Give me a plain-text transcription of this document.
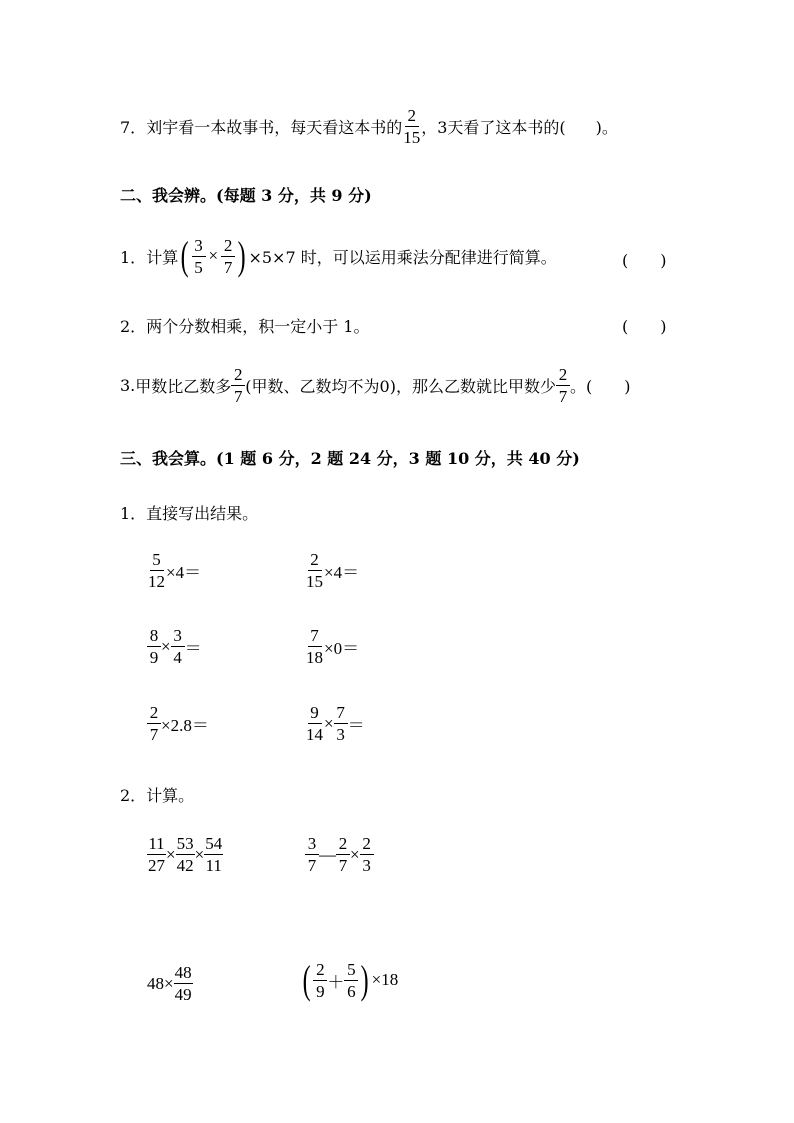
7． 刘宇看一本故事书，每天看这本书的 $\frac{2}{15}$ ，3天看了这本书的( )。
二、我会辨。(每题 3 分，共 9 分)
1． 计算 ( $\frac{3}{5} \times \frac{2}{7}$ ) ×5×7 时，可以运用乘法分配律进行简算。	(　　)
2．两个分数相乘，积一定小于 1。	(　　)
3. 甲数比乙数多 $\frac{2}{7}$ (甲数、乙数均不为0)，那么乙数就比甲数少 $\frac{2}{7}$ 。(　　)
三、我会算。(1 题 6 分，2 题 24 分，3 题 10 分，共 40 分)
1．直接写出结果。
$\frac{5}{12} \times 4=$	$\frac{2}{15} \times 4=$
$\frac{8}{9} \times \frac{3}{4}$ ＝	$\frac{7}{18} \times 0=$
$\frac{2}{7} \times 2.8=$	$\frac{9}{14} \times \frac{7}{3}$ ＝
2．计算。
$\frac{11}{27} \times \frac{53}{42} \times \frac{54}{11}$	$\frac{3}{7}$ — $\frac{2}{7} \times \frac{2}{3}$
$48\times \frac{48}{49}$	( $\frac{2}{9} + \frac{5}{6}$ ) ×18
